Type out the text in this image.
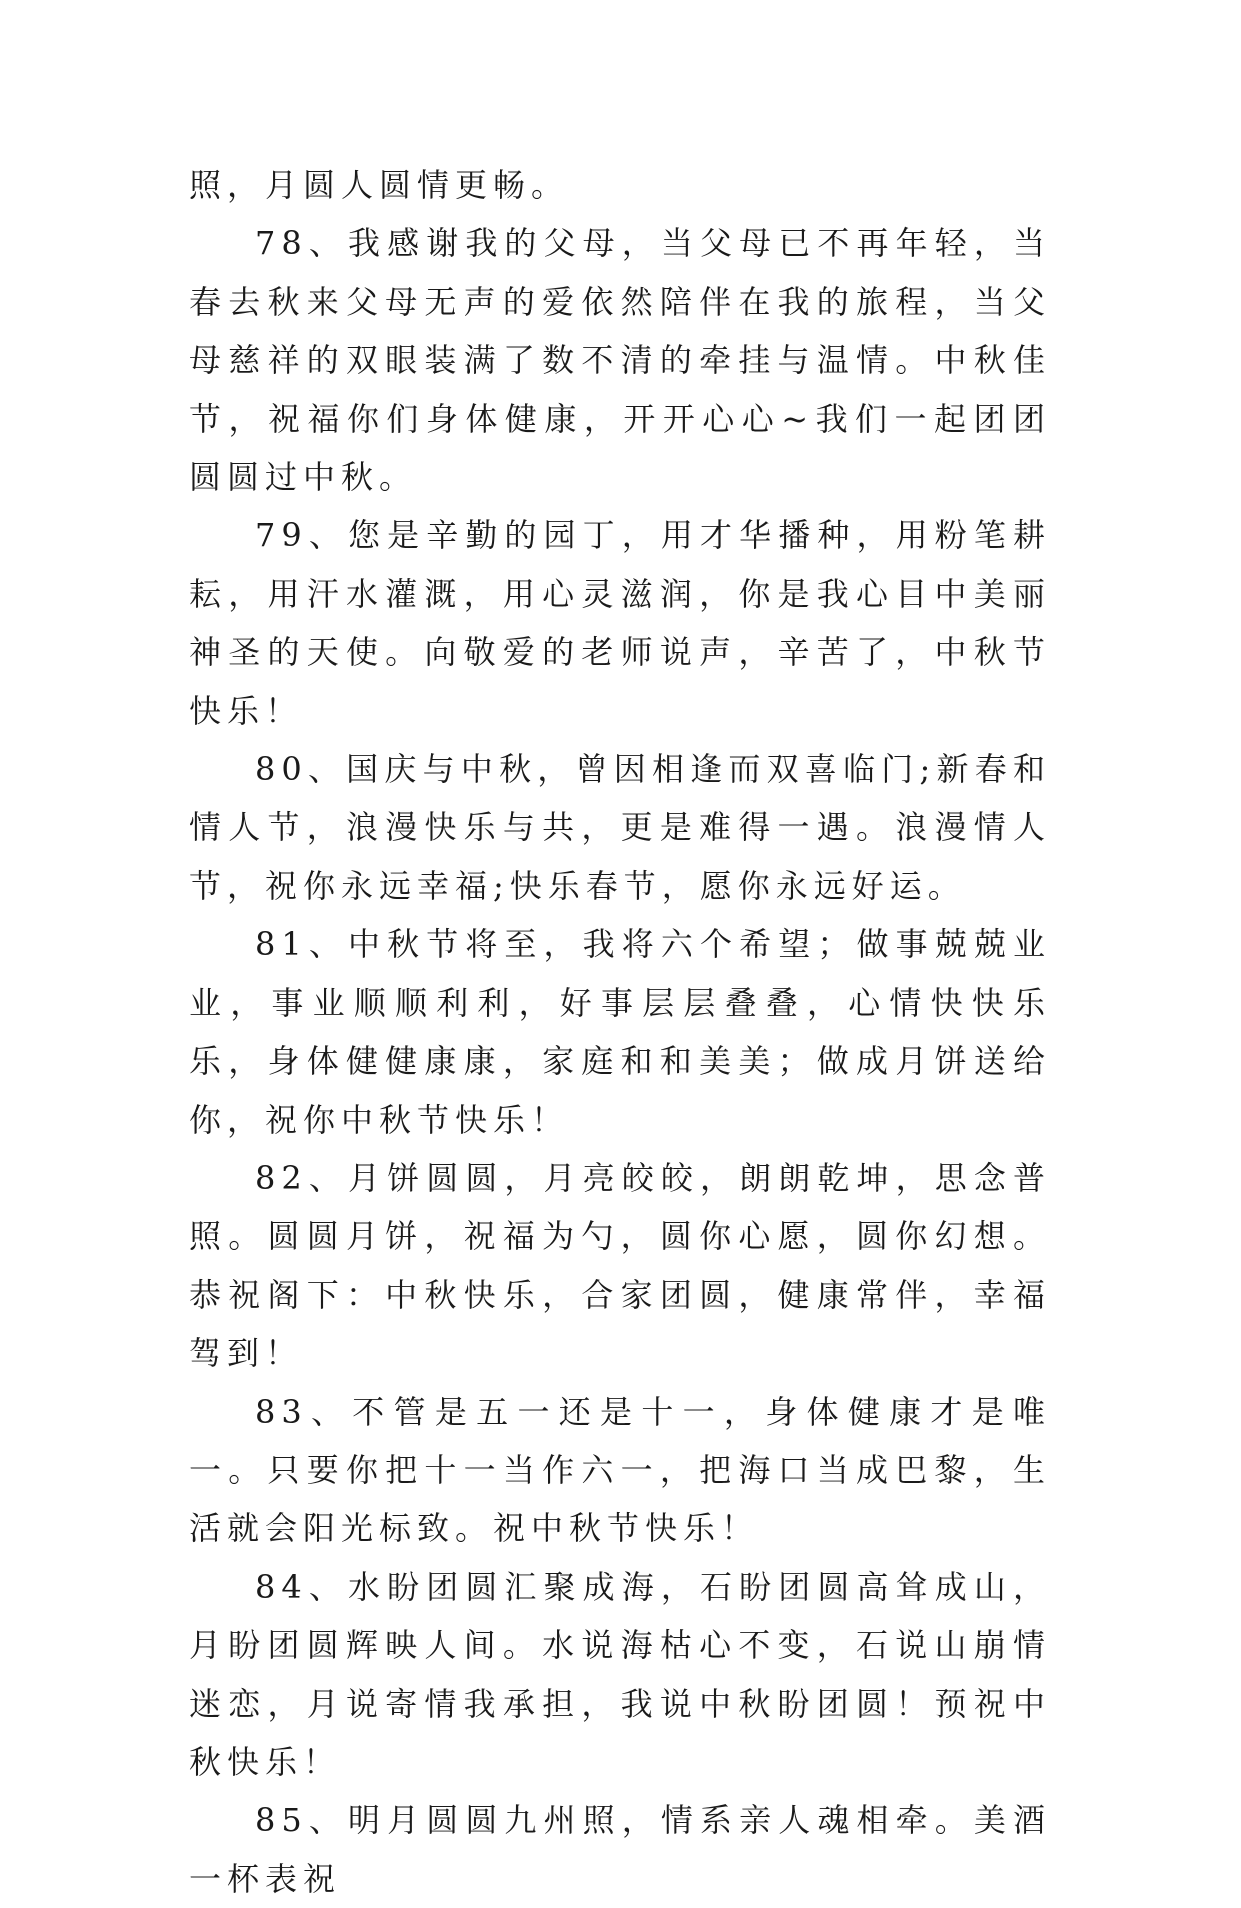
照，月圆人圆情更畅。

78、我感谢我的父母，当父母已不再年轻，当春去秋来父母无声的爱依然陪伴在我的旅程，当父母慈祥的双眼装满了数不清的牵挂与温情。中秋佳节，祝福你们身体健康，开开心心~我们一起团团圆圆过中秋。

79、您是辛勤的园丁，用才华播种，用粉笔耕耘，用汗水灌溉，用心灵滋润，你是我心目中美丽神圣的天使。向敬爱的老师说声，辛苦了，中秋节快乐！

80、国庆与中秋，曾因相逢而双喜临门;新春和情人节，浪漫快乐与共，更是难得一遇。浪漫情人节，祝你永远幸福;快乐春节，愿你永远好运。

81、中秋节将至，我将六个希望；做事兢兢业业，事业顺顺利利，好事层层叠叠，心情快快乐乐，身体健健康康，家庭和和美美；做成月饼送给你，祝你中秋节快乐！

82、月饼圆圆，月亮皎皎，朗朗乾坤，思念普照。圆圆月饼，祝福为勺，圆你心愿，圆你幻想。恭祝阁下：中秋快乐，合家团圆，健康常伴，幸福驾到！

83、不管是五一还是十一，身体健康才是唯一。只要你把十一当作六一，把海口当成巴黎，生活就会阳光标致。祝中秋节快乐！

84、水盼团圆汇聚成海，石盼团圆高耸成山，月盼团圆辉映人间。水说海枯心不变，石说山崩情迷恋，月说寄情我承担，我说中秋盼团圆！预祝中秋快乐！

85、明月圆圆九州照，情系亲人魂相牵。美酒一杯表祝
